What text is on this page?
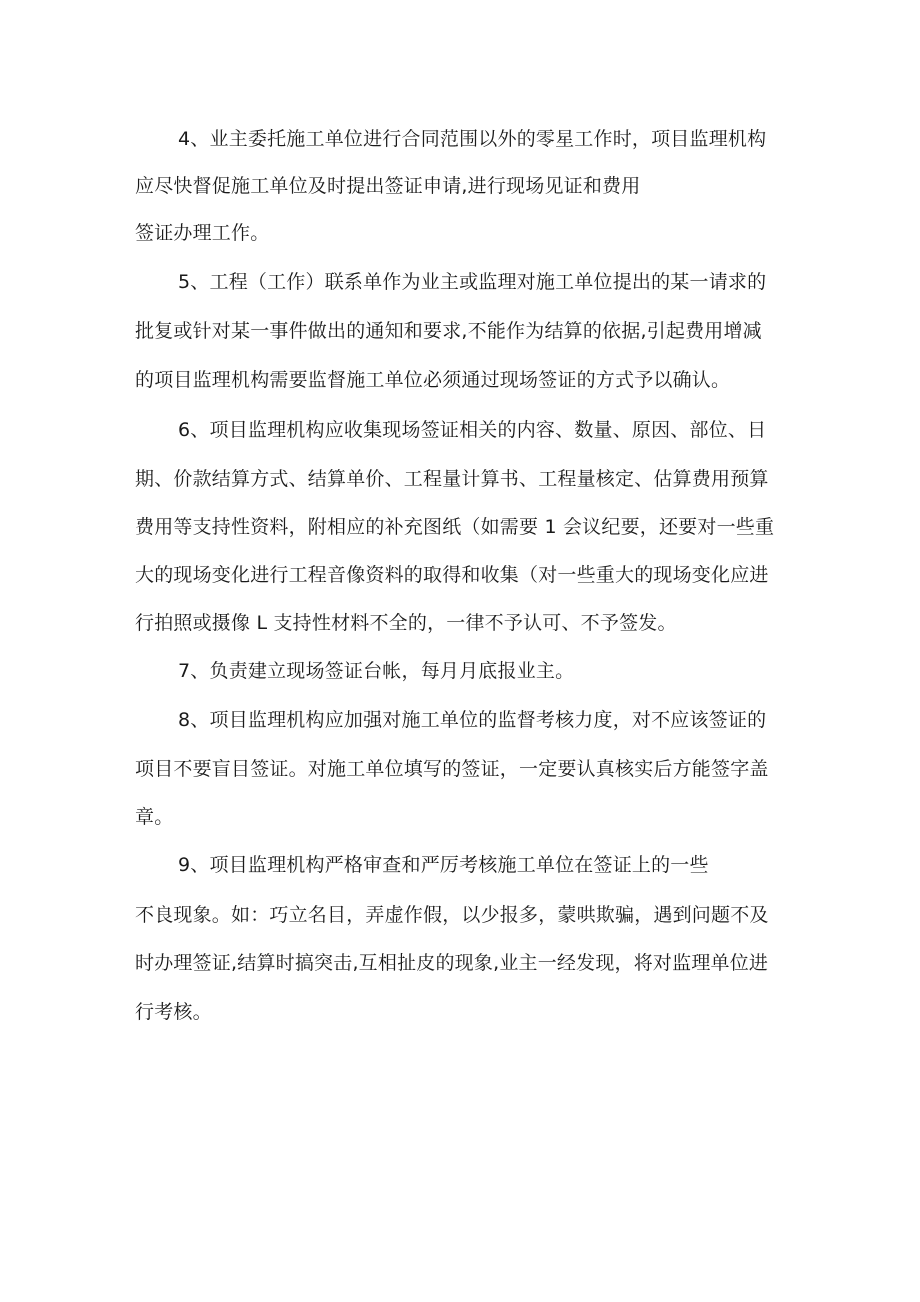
4、业主委托施工单位进行合同范围以外的零星工作时，项目监理机构
应尽快督促施工单位及时提出签证申请,进行现场见证和费用
签证办理工作。
5、工程（工作）联系单作为业主或监理对施工单位提出的某一请求的
批复或针对某一事件做出的通知和要求,不能作为结算的依据,引起费用增减
的项目监理机构需要监督施工单位必须通过现场签证的方式予以确认。
6、项目监理机构应收集现场签证相关的内容、数量、原因、部位、日
期、价款结算方式、结算单价、工程量计算书、工程量核定、估算费用预算
费用等支持性资料，附相应的补充图纸（如需要 1 会议纪要，还要对一些重
大的现场变化进行工程音像资料的取得和收集（对一些重大的现场变化应进
行拍照或摄像 L 支持性材料不全的，一律不予认可、不予签发。
7、负责建立现场签证台帐，每月月底报业主。
8、项目监理机构应加强对施工单位的监督考核力度，对不应该签证的
项目不要盲目签证。对施工单位填写的签证，一定要认真核实后方能签字盖
章。
9、项目监理机构严格审查和严厉考核施工单位在签证上的一些
不良现象。如：巧立名目，弄虚作假，以少报多，蒙哄欺骗，遇到问题不及
时办理签证,结算时搞突击,互相扯皮的现象,业主一经发现，将对监理单位进
行考核。
